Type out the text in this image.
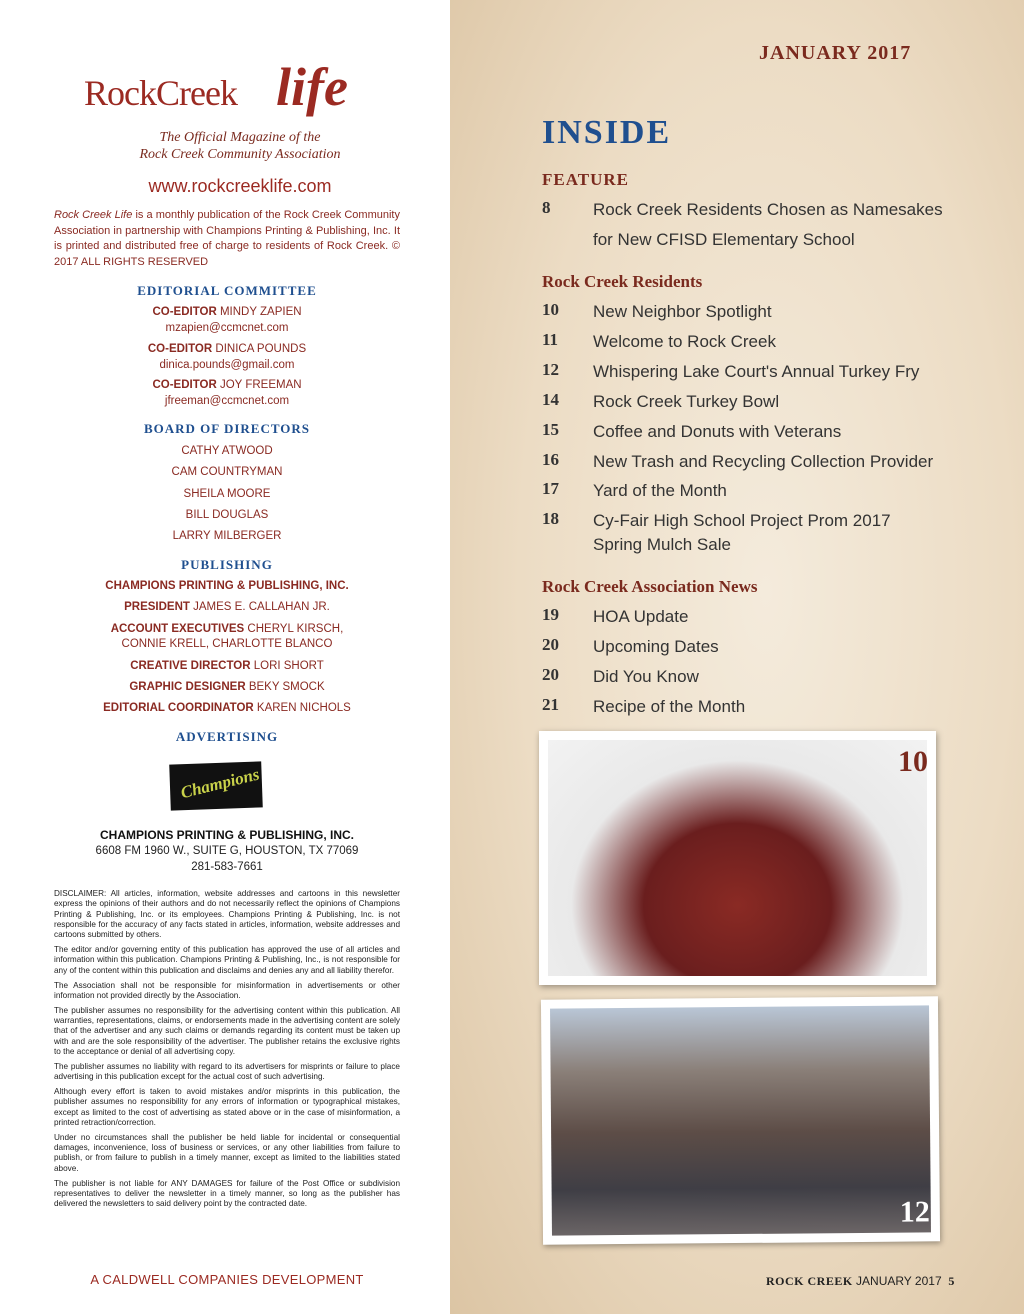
RockCreek life
The Official Magazine of the
Rock Creek Community Association
www.rockcreeklife.com
Rock Creek Life is a monthly publication of the Rock Creek Community Association in partnership with Champions Printing & Publishing, Inc. It is printed and distributed free of charge to residents of Rock Creek. © 2017 ALL RIGHTS RESERVED
EDITORIAL COMMITTEE
CO-EDITOR MINDY ZAPIEN
mzapien@ccmcnet.com
CO-EDITOR DINICA POUNDS
dinica.pounds@gmail.com
CO-EDITOR JOY FREEMAN
jfreeman@ccmcnet.com
BOARD OF DIRECTORS
CATHY ATWOOD
CAM COUNTRYMAN
SHEILA MOORE
BILL DOUGLAS
LARRY MILBERGER
PUBLISHING
CHAMPIONS PRINTING & PUBLISHING, INC.
PRESIDENT JAMES E. CALLAHAN JR.
ACCOUNT EXECUTIVES CHERYL KIRSCH,
CONNIE KRELL, CHARLOTTE BLANCO
CREATIVE DIRECTOR LORI SHORT
GRAPHIC DESIGNER BEKY SMOCK
EDITORIAL COORDINATOR KAREN NICHOLS
ADVERTISING
Champions
CHAMPIONS PRINTING & PUBLISHING, INC.
6608 FM 1960 W., SUITE G, HOUSTON, TX 77069
281-583-7661

DISCLAIMER: All articles, information, website addresses and cartoons in this newsletter express the opinions of their authors and do not necessarily reflect the opinions of Champions Printing & Publishing, Inc. or its employees. Champions Printing & Publishing, Inc. is not responsible for the accuracy of any facts stated in articles, information, website addresses and cartoons submitted by others.

The editor and/or governing entity of this publication has approved the use of all articles and information within this publication. Champions Printing & Publishing, Inc., is not responsible for any of the content within this publication and disclaims and denies any and all liability therefor.

The Association shall not be responsible for misinformation in advertisements or other information not provided directly by the Association.

The publisher assumes no responsibility for the advertising content within this publication. All warranties, representations, claims, or endorsements made in the advertising content are solely that of the advertiser and any such claims or demands regarding its content must be taken up with and are the sole responsibility of the advertiser. The publisher retains the exclusive rights to the acceptance or denial of all advertising copy.

The publisher assumes no liability with regard to its advertisers for misprints or failure to place advertising in this publication except for the actual cost of such advertising.

Although every effort is taken to avoid mistakes and/or misprints in this publication, the publisher assumes no responsibility for any errors of information or typographical mistakes, except as limited to the cost of advertising as stated above or in the case of misinformation, a printed retraction/correction.

Under no circumstances shall the publisher be held liable for incidental or consequential damages, inconvenience, loss of business or services, or any other liabilities from failure to publish, or from failure to publish in a timely manner, except as limited to the liabilities stated above.

The publisher is not liable for ANY DAMAGES for failure of the Post Office or subdivision representatives to deliver the newsletter in a timely manner, so long as the publisher has delivered the newsletters to said delivery point by the contracted date.

A CALDWELL COMPANIES DEVELOPMENT
JANUARY 2017
INSIDE
FEATURE
8	Rock Creek Residents Chosen as Namesakes
for New CFISD Elementary School
Rock Creek Residents
10 New Neighbor Spotlight
11 Welcome to Rock Creek
12 Whispering Lake Court's Annual Turkey Fry
14 Rock Creek Turkey Bowl
15 Coffee and Donuts with Veterans
16 New Trash and Recycling Collection Provider
17 Yard of the Month
18 Cy-Fair High School Project Prom 2017
Spring Mulch Sale
Rock Creek Association News
19 HOA Update
20 Upcoming Dates
20 Did You Know
21 Recipe of the Month
10
12
ROCK CREEK JANUARY 2017 5
